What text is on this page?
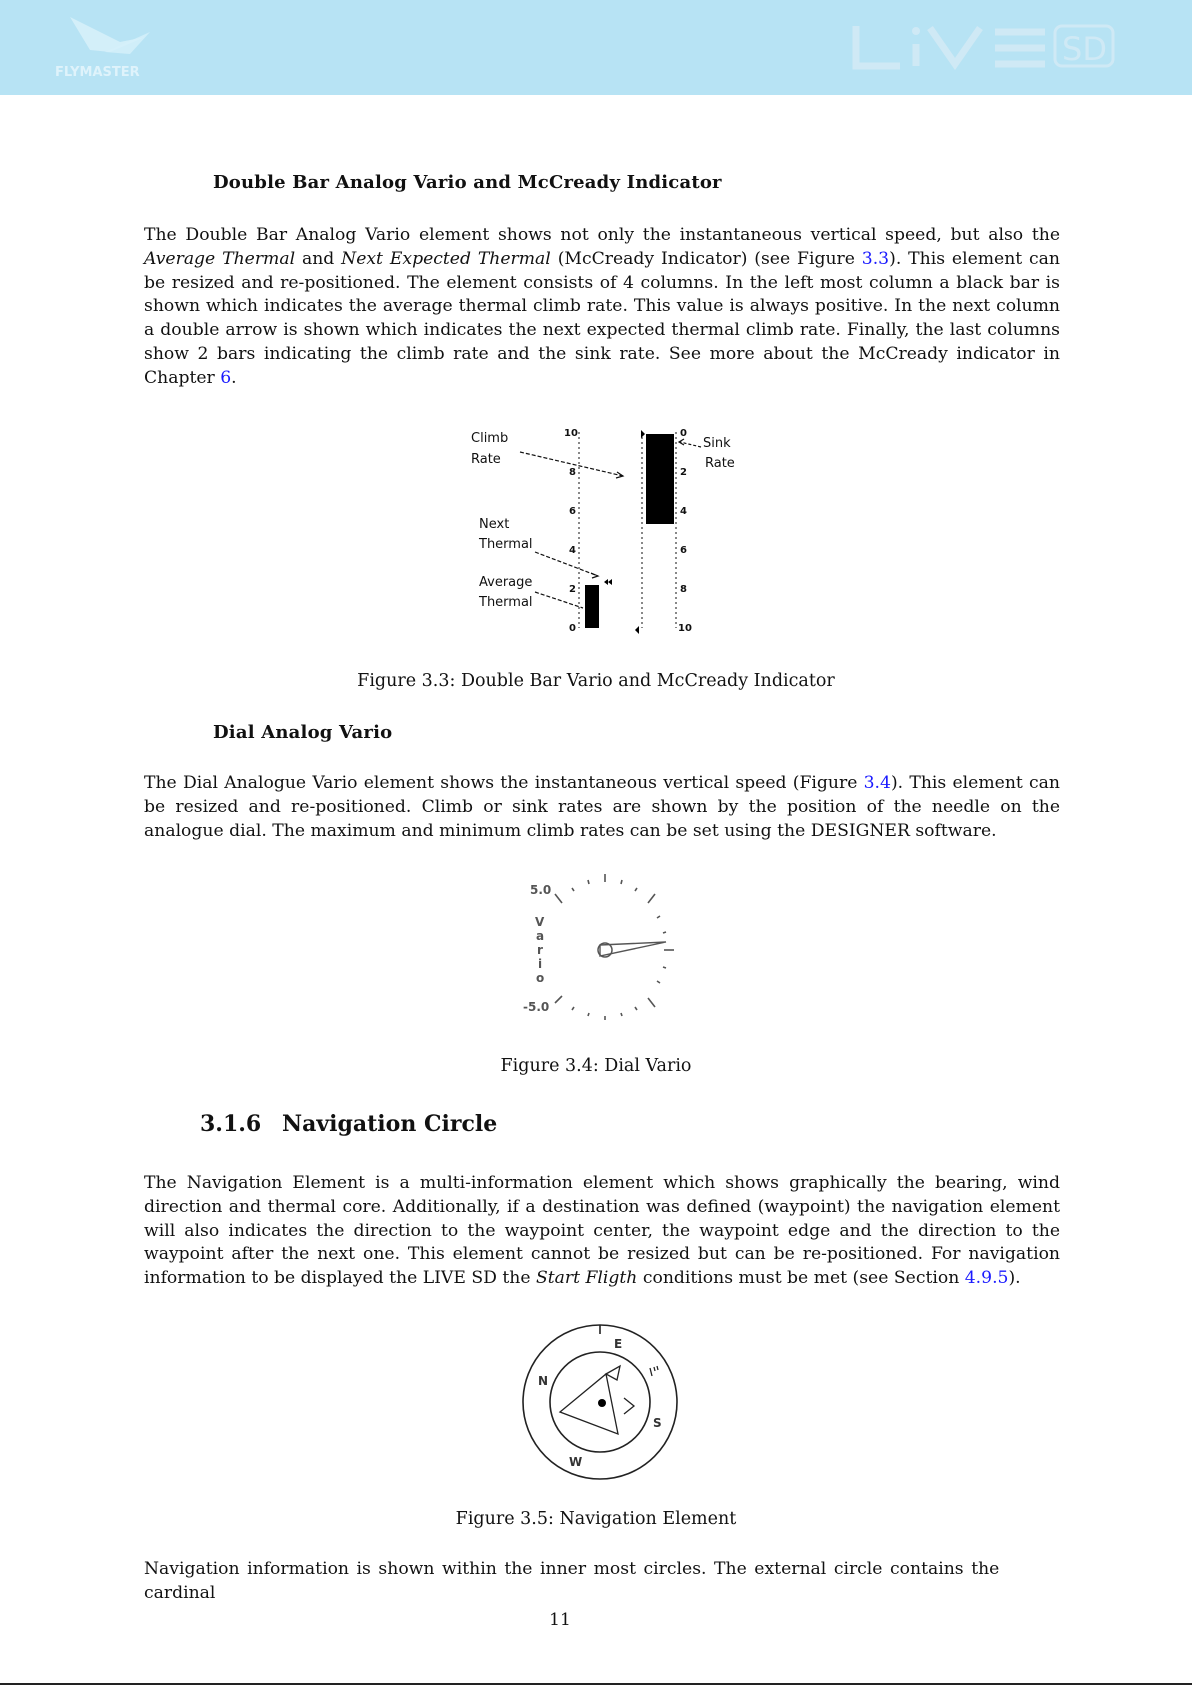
FLYMASTER
SD
Double Bar Analog Vario and McCready Indicator
The Double Bar Analog Vario element shows not only the instantaneous vertical speed, but also the Average Thermal and Next Expected Thermal (McCready Indicator) (see Figure 3.3). This element can be resized and re-positioned. The element consists of 4 columns. In the left most column a black bar is shown which indicates the average thermal climb rate. This value is always positive. In the next column a double arrow is shown which indicates the next expected thermal climb rate. Finally, the last columns show 2 bars indicating the climb rate and the sink rate. See more about the McCready indicator in Chapter 6.
Climb
Rate
Next
Thermal
Average
Thermal
Sink
Rate
10
8
6
4
2
0
0
2
4
6
8
10
Figure 3.3: Double Bar Vario and McCready Indicator
Dial Analog Vario
The Dial Analogue Vario element shows the instantaneous vertical speed (Figure 3.4). This element can be resized and re-positioned. Climb or sink rates are shown by the position of the needle on the analogue dial. The maximum and minimum climb rates can be set using the DESIGNER software.
5.0
-5.0
V
a
r
i
o
Figure 3.4: Dial Vario
3.1.6 Navigation Circle
The Navigation Element is a multi-information element which shows graphically the bearing, wind direction and thermal core. Additionally, if a destination was defined (waypoint) the navigation element will also indicates the direction to the waypoint center, the waypoint edge and the direction to the waypoint after the next one. This element cannot be resized but can be re-positioned. For navigation information to be displayed the LIVE SD the Start Fligth conditions must be met (see Section 4.9.5).
N
E
S
W
Figure 3.5: Navigation Element
Navigation information is shown within the inner most circles. The external circle contains the cardinal
11
